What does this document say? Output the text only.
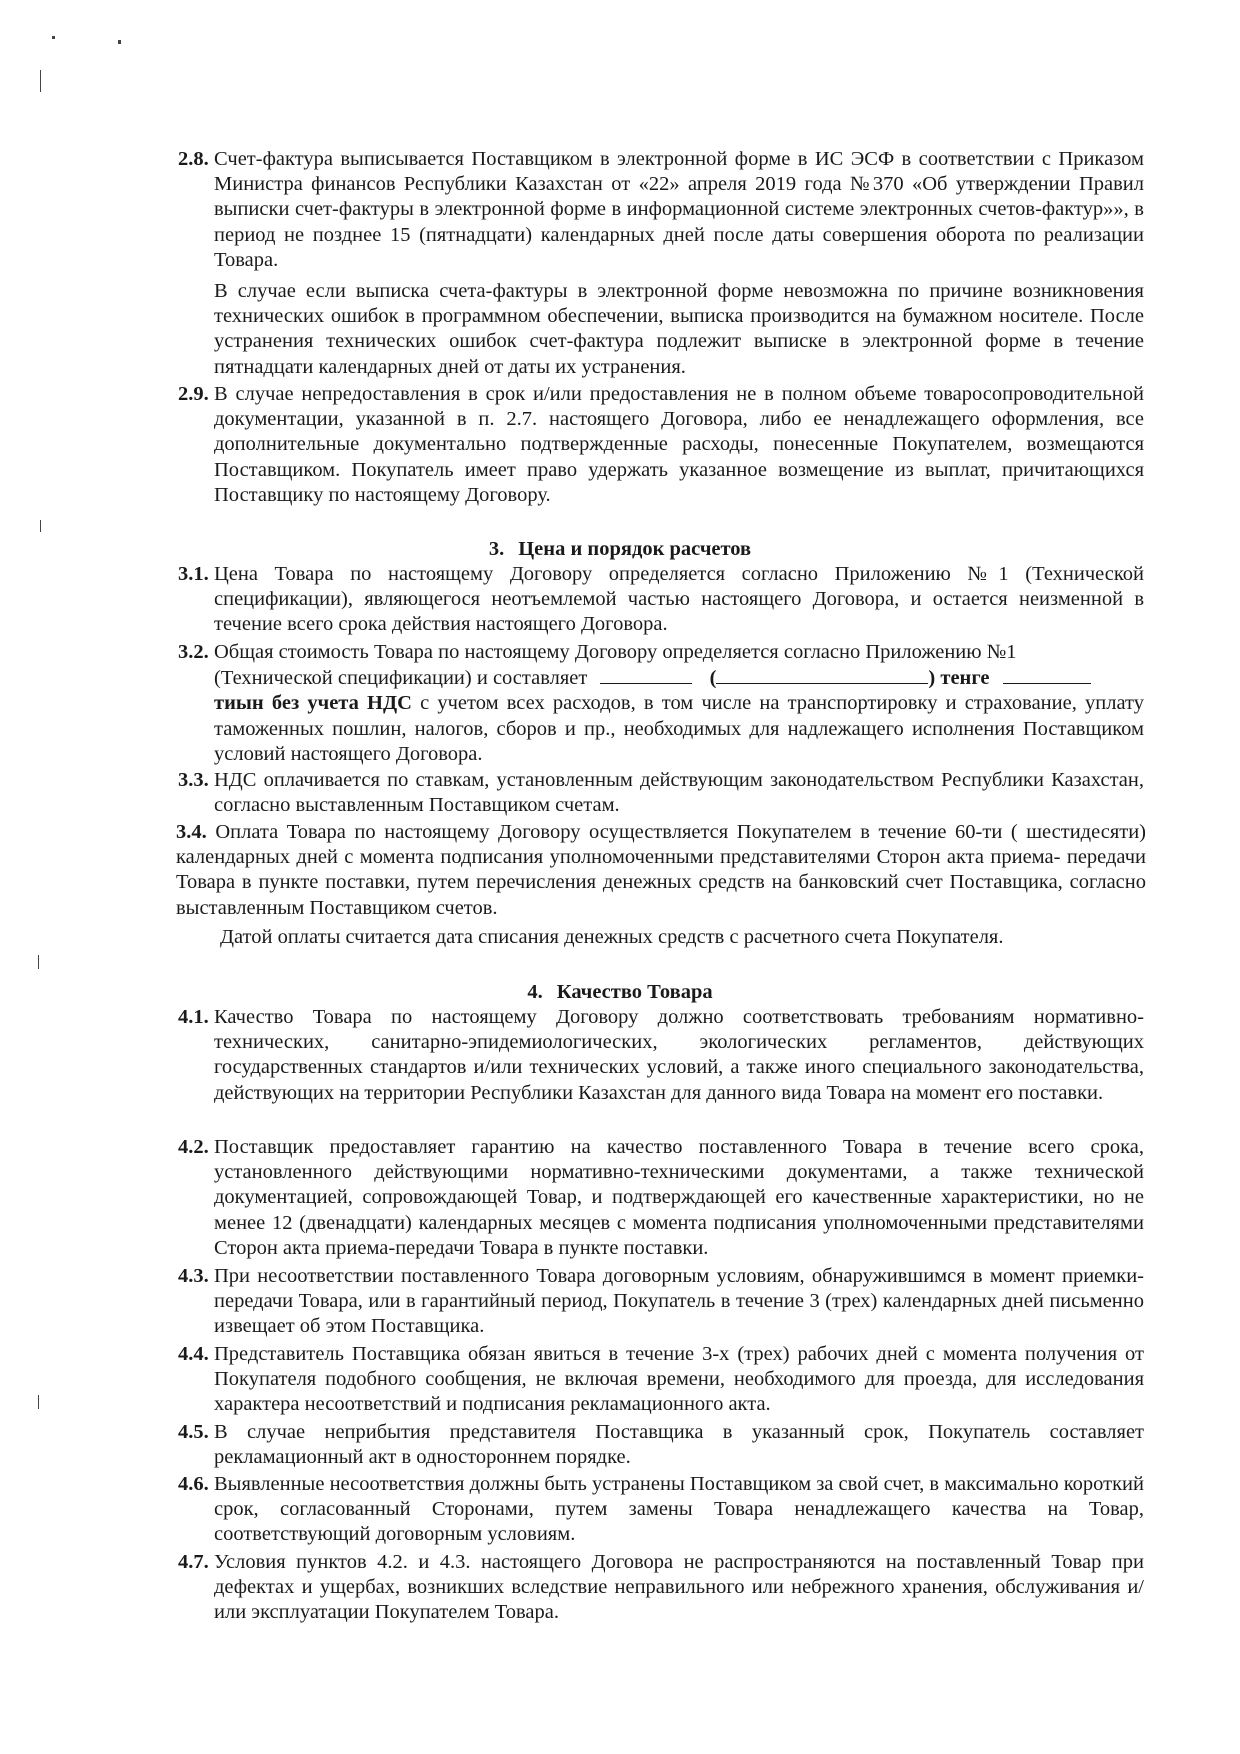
2.8. Счет-фактура выписывается Поставщиком в электронной форме в ИС ЭСФ в соответствии с Приказом Министра финансов Республики Казахстан от «22» апреля 2019 года №370 «Об утверждении Правил выписки счет-фактуры в электронной форме в информационной системе электронных счетов-фактур»», в период не позднее 15 (пятнадцати) календарных дней после даты совершения оборота по реализации Товара.

В случае если выписка счета-фактуры в электронной форме невозможна по причине возникновения технических ошибок в программном обеспечении, выписка производится на бумажном носителе. После устранения технических ошибок счет-фактура подлежит выписке в электронной форме в течение пятнадцати календарных дней от даты их устранения.

2.9. В случае непредоставления в срок и/или предоставления не в полном объеме товаросопроводительной документации, указанной в п. 2.7. настоящего Договора, либо ее ненадлежащего оформления, все дополнительные документально подтвержденные расходы, понесенные Покупателем, возмещаются Поставщиком. Покупатель имеет право удержать указанное возмещение из выплат, причитающихся Поставщику по настоящему Договору.

3. Цена и порядок расчетов
3.1. Цена Товара по настоящему Договору определяется согласно Приложению №1 (Технической спецификации), являющегося неотъемлемой частью настоящего Договора, и остается неизменной в течение всего срока действия настоящего Договора.

3.2. Общая стоимость Товара по настоящему Договору определяется согласно Приложению №1

(Технической спецификации) и составляет	(	) тенге

тиын без учета НДС с учетом всех расходов, в том числе на транспортировку и страхование, уплату таможенных пошлин, налогов, сборов и пр., необходимых для надлежащего исполнения Поставщиком условий настоящего Договора.

3.3. НДС оплачивается по ставкам, установленным действующим законодательством Республики Казахстан, согласно выставленным Поставщиком счетам.

3.4. Оплата Товара по настоящему Договору осуществляется Покупателем в течение 60-ти ( шестидесяти) календарных дней с момента подписания уполномоченными представителями Сторон акта приема- передачи Товара в пункте поставки, путем перечисления денежных средств на банковский счет Поставщика, согласно выставленным Поставщиком счетов.
Датой оплаты считается дата списания денежных средств с расчетного счета Покупателя.
4. Качество Товара
4.1. Качество Товара по настоящему Договору должно соответствовать требованиям нормативно-технических, санитарно-эпидемиологических, экологических регламентов, действующих государственных стандартов и/или технических условий, а также иного специального законодательства, действующих на территории Республики Казахстан для данного вида Товара на момент его поставки.

4.2. Поставщик предоставляет гарантию на качество поставленного Товара в течение всего срока, установленного действующими нормативно-техническими документами, а также технической документацией, сопровождающей Товар, и подтверждающей его качественные характеристики, но не менее 12 (двенадцати) календарных месяцев с момента подписания уполномоченными представителями Сторон акта приема-передачи Товара в пункте поставки.

4.3. При несоответствии поставленного Товара договорным условиям, обнаружившимся в момент приемки-передачи Товара, или в гарантийный период, Покупатель в течение 3 (трех) календарных дней письменно извещает об этом Поставщика.

4.4. Представитель Поставщика обязан явиться в течение 3-х (трех) рабочих дней с момента получения от Покупателя подобного сообщения, не включая времени, необходимого для проезда, для исследования характера несоответствий и подписания рекламационного акта.

4.5. В случае неприбытия представителя Поставщика в указанный срок, Покупатель составляет рекламационный акт в одностороннем порядке.

4.6. Выявленные несоответствия должны быть устранены Поставщиком за свой счет, в максимально короткий срок, согласованный Сторонами, путем замены Товара ненадлежащего качества на Товар, соответствующий договорным условиям.

4.7. Условия пунктов 4.2. и 4.3. настоящего Договора не распространяются на поставленный Товар при дефектах и ущербах, возникших вследствие неправильного или небрежного хранения, обслуживания и/или эксплуатации Покупателем Товара.
